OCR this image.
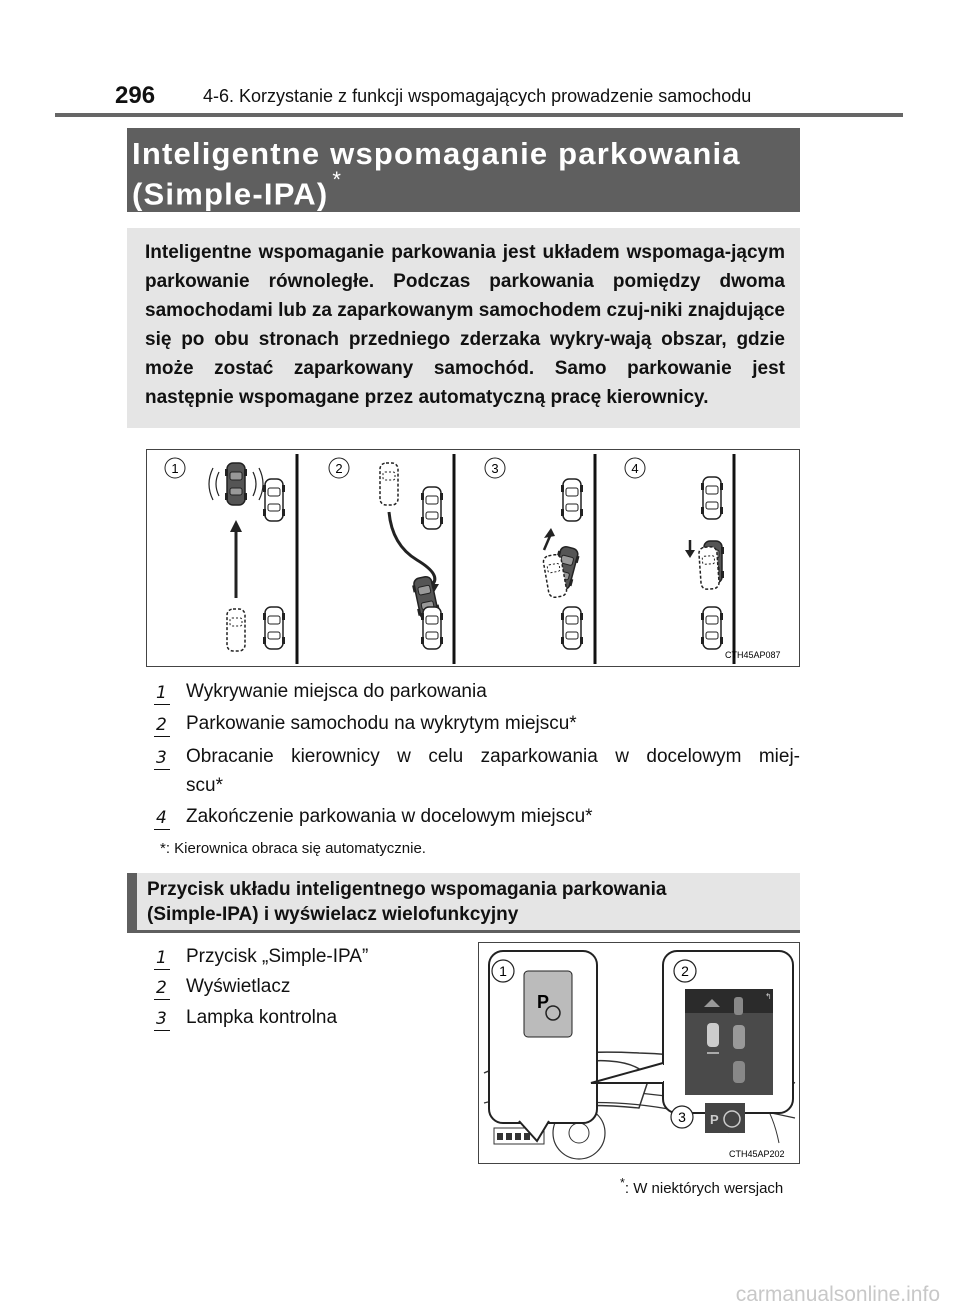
296	4-6. Korzystanie z funkcji wspomagających prowadzenie samochodu
Inteligentne wspomaganie parkowania
(Simple-IPA) *

Inteligentne wspomaganie parkowania jest układem wspomaga-jącym parkowanie równoległe. Podczas parkowania pomiędzy dwoma samochodami lub za zaparkowanym samochodem czuj-niki znajdujące się po obu stronach przedniego zderzaka wykry-wają obszar, gdzie może zostać zaparkowany samochód. Samo parkowanie jest następnie wspomagane przez automatyczną pracę kierownicy.

1	2	3	4
CTH45AP087
1 Wykrywanie miejsca do parkowania
2 Parkowanie samochodu na wykrytym miejscu*
3 Obracanie kierownicy w celu zaparkowania w docelowym miej-
scu*
4 Zakończenie parkowania w docelowym miejscu*
*: Kierownica obraca się automatycznie.
Przycisk układu inteligentnego wspomagania parkowania
(Simple-IPA) i wyświelacz wielofunkcyjny
1 Przycisk „Simple-IPA”
2 Wyświetlacz
3 Lampka kontrolna
P
1	2
↰
3 P
CTH45AP202
*: W niektórych wersjach
carmanualsonline.info
